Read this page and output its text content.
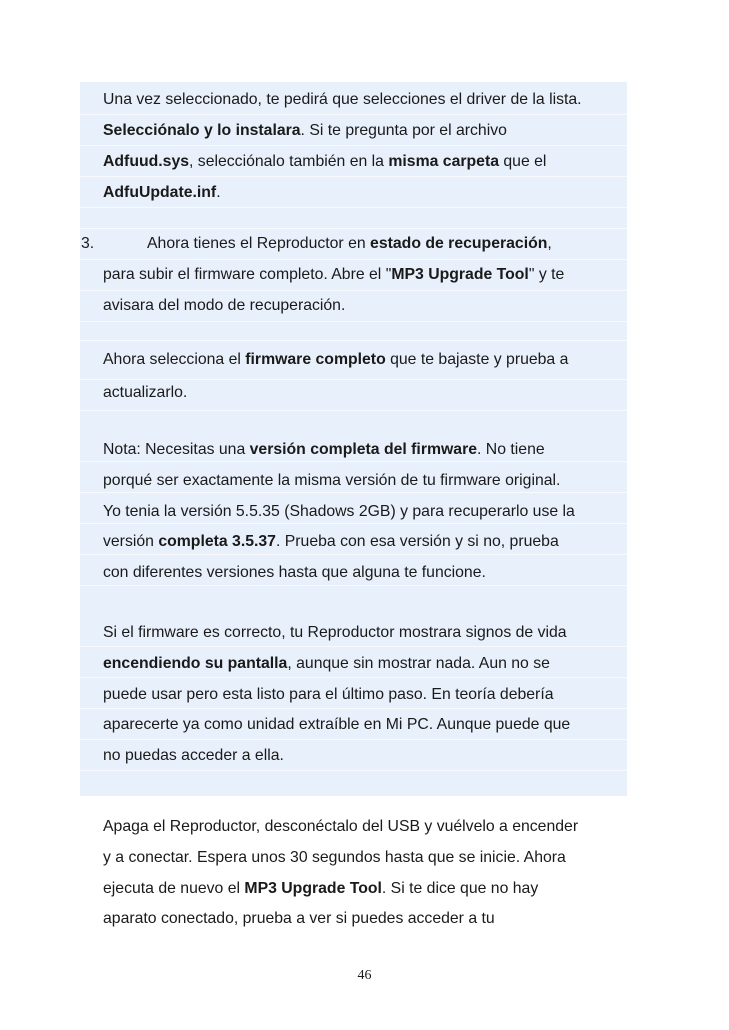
Una vez seleccionado, te pedirá que selecciones el driver de la lista.
Selecciónalo y lo instalara. Si te pregunta por el archivo
Adfuud.sys, selecciónalo también en la misma carpeta que el
AdfuUpdate.inf.
3.	Ahora tienes el Reproductor en estado de recuperación,
para subir el firmware completo. Abre el "MP3 Upgrade Tool" y te
avisara del modo de recuperación.
Ahora selecciona el firmware completo que te bajaste y prueba a
actualizarlo.
Nota: Necesitas una versión completa del firmware. No tiene
porqué ser exactamente la misma versión de tu firmware original.
Yo tenia la versión 5.5.35 (Shadows 2GB) y para recuperarlo use la
versión completa 3.5.37. Prueba con esa versión y si no, prueba
con diferentes versiones hasta que alguna te funcione.
Si el firmware es correcto, tu Reproductor mostrara signos de vida
encendiendo su pantalla, aunque sin mostrar nada. Aun no se
puede usar pero esta listo para el último paso. En teoría debería
aparecerte ya como unidad extraíble en Mi PC. Aunque puede que
no puedas acceder a ella.
Apaga el Reproductor, desconéctalo del USB y vuélvelo a encender
y a conectar. Espera unos 30 segundos hasta que se inicie. Ahora
ejecuta de nuevo el MP3 Upgrade Tool. Si te dice que no hay
aparato conectado, prueba a ver si puedes acceder a tu
46
